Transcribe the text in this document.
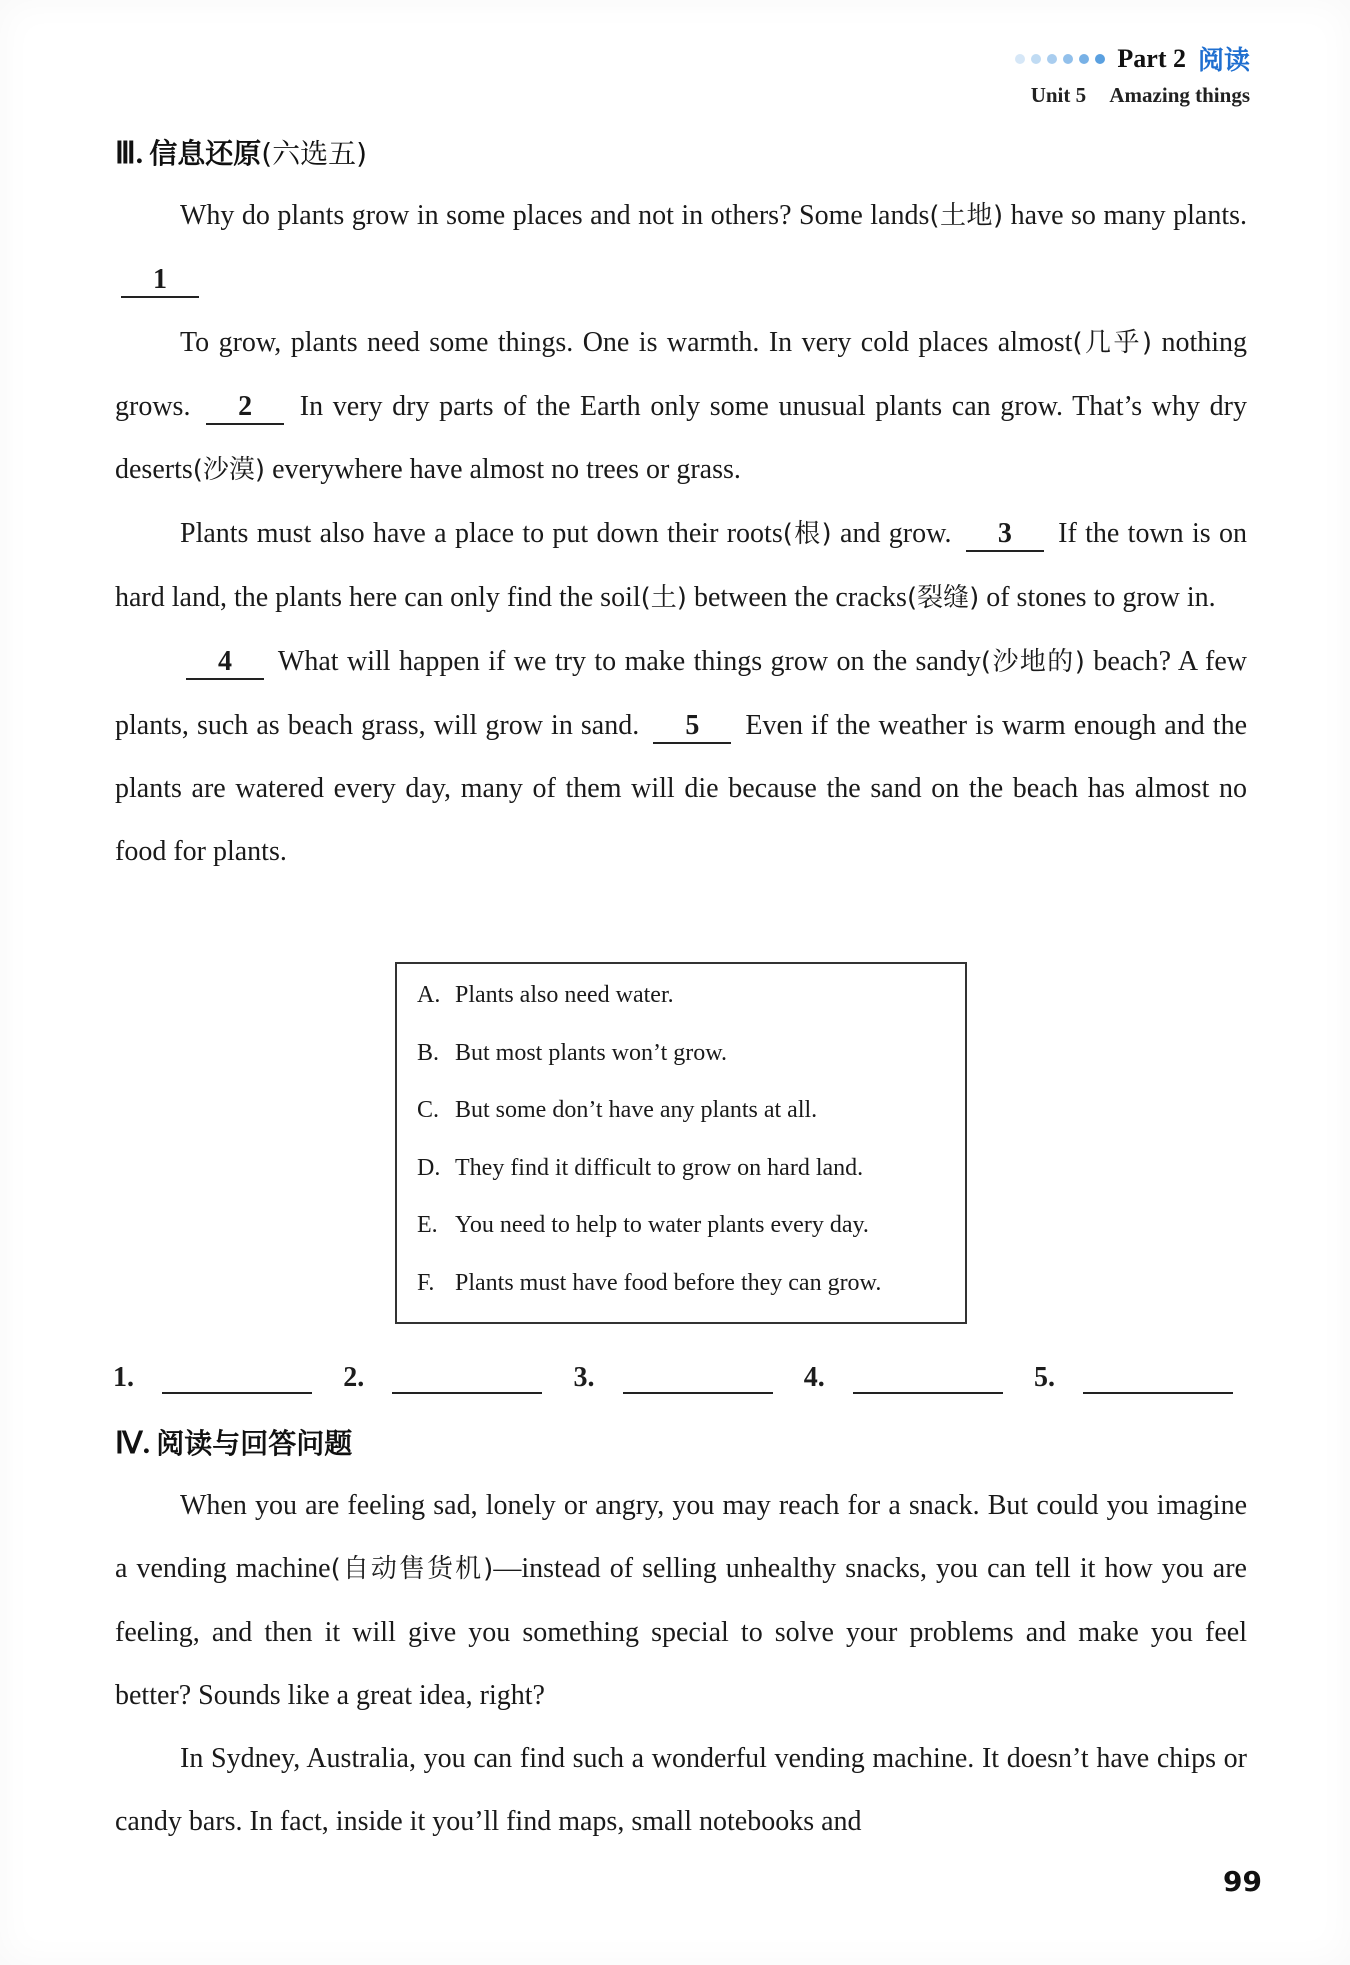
Part 2 阅读
Unit 5 Amazing things
Ⅲ. 信息还原(六选五)

Why do plants grow in some places and not in others? Some lands(土地) have so many plants. 1

To grow, plants need some things. One is warmth. In very cold places almost(几乎) nothing grows. 2 In very dry parts of the Earth only some unusual plants can grow. That’s why dry deserts(沙漠) everywhere have almost no trees or grass.

Plants must also have a place to put down their roots(根) and grow. 3 If the town is on hard land, the plants here can only find the soil(土) between the cracks(裂缝) of stones to grow in.

4 What will happen if we try to make things grow on the sandy(沙地的) beach? A few plants, such as beach grass, will grow in sand. 5 Even if the weather is warm enough and the plants are watered every day, many of them will die because the sand on the beach has almost no food for plants.

A. Plants also need water.
B. But most plants won’t grow.
C. But some don’t have any plants at all.
D. They find it difficult to grow on hard land.
E. You need to help to water plants every day.
F. Plants must have food before they can grow.
1.	2.	3.	4.	5.
Ⅳ. 阅读与回答问题

When you are feeling sad, lonely or angry, you may reach for a snack. But could you imagine a vending machine(自动售货机)—instead of selling unhealthy snacks, you can tell it how you are feeling, and then it will give you something special to solve your problems and make you feel better? Sounds like a great idea, right?

In Sydney, Australia, you can find such a wonderful vending machine. It doesn’t have chips or candy bars. In fact, inside it you’ll find maps, small notebooks and

99
